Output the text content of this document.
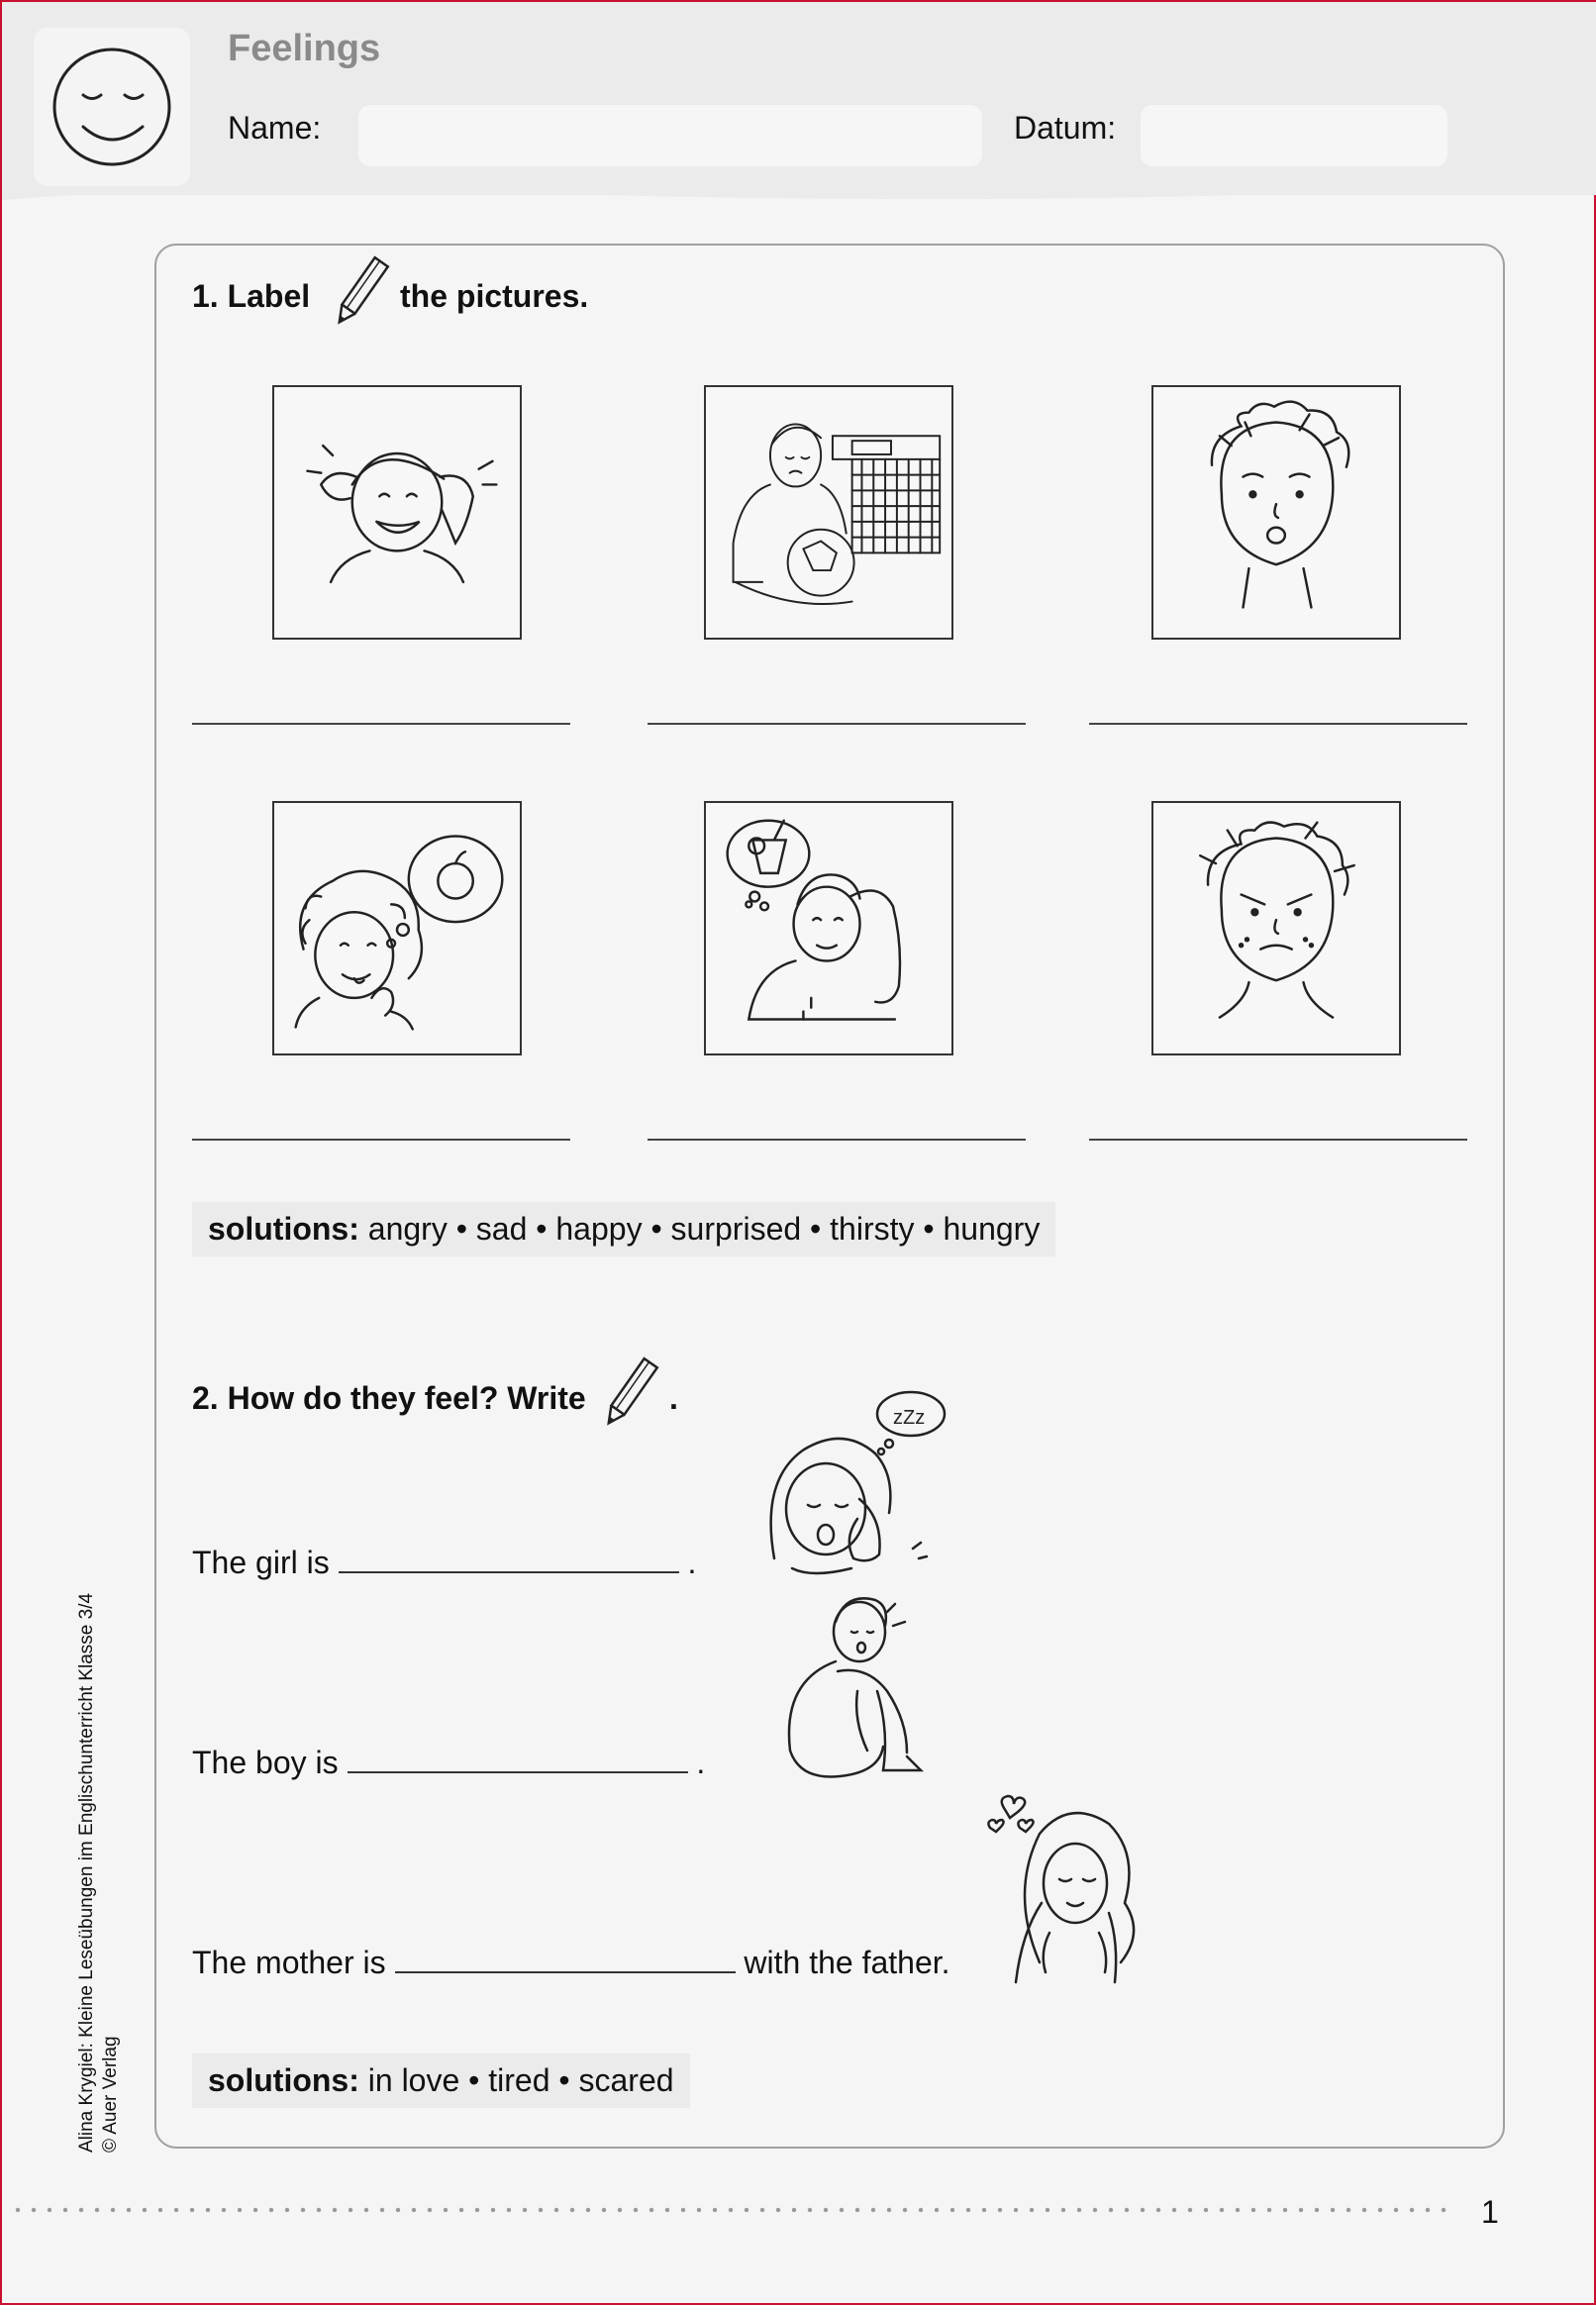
Feelings
Name:	Datum:
1. Label	the pictures.
solutions: angry • sad • happy • surprised • thirsty • hungry
2. How do they feel? Write	.
The girl is	.
zZz
The boy is	.
The mother is	with the father.
solutions: in love • tired • scared
Alina Krygiel: Kleine Leseübungen im Englischunterricht Klasse 3/4 © Auer Verlag
1
